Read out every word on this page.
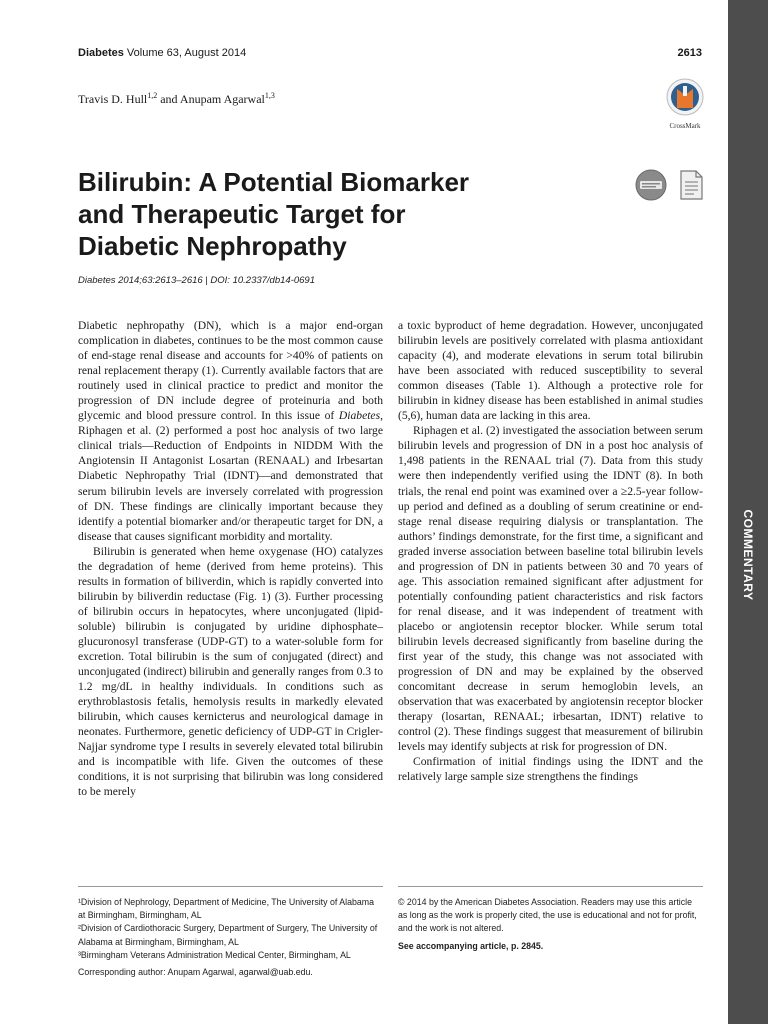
COMMENTARY
Diabetes Volume 63, August 2014	2613
Travis D. Hull$^{1,2}$ and Anupam Agarwal$^{1,3}$
CrossMark
Bilirubin: A Potential Biomarker
and Therapeutic Target for
Diabetic Nephropathy

Diabetes 2014;63:2613–2616 | DOI: 10.2337/db14-0691

Diabetic nephropathy (DN), which is a major end-organ complication in diabetes, continues to be the most common cause of end-stage renal disease and accounts for >40% of patients on renal replacement therapy (1). Currently available factors that are routinely used in clinical practice to predict and monitor the progression of DN include degree of proteinuria and both glycemic and blood pressure control. In this issue of Diabetes, Riphagen et al. (2) performed a post hoc analysis of two large clinical trials—Reduction of Endpoints in NIDDM With the Angiotensin II Antagonist Losartan (RENAAL) and Irbesartan Diabetic Nephropathy Trial (IDNT)—and demonstrated that serum bilirubin levels are inversely correlated with progression of DN. These findings are clinically important because they identify a potential biomarker and/or therapeutic target for DN, a disease that causes significant morbidity and mortality.

Bilirubin is generated when heme oxygenase (HO) catalyzes the degradation of heme (derived from heme proteins). This results in formation of biliverdin, which is rapidly converted into bilirubin by biliverdin reductase (Fig. 1) (3). Further processing of bilirubin occurs in hepatocytes, where unconjugated (lipid-soluble) bilirubin is conjugated by uridine diphosphate–glucuronosyl transferase (UDP-GT) to a water-soluble form for excretion. Total bilirubin is the sum of conjugated (direct) and unconjugated (indirect) bilirubin and generally ranges from 0.3 to 1.2 mg/dL in healthy individuals. In conditions such as erythroblastosis fetalis, hemolysis results in markedly elevated bilirubin, which causes kernicterus and neurological damage in neonates. Furthermore, genetic deficiency of UDP-GT in Crigler-Najjar syndrome type I results in severely elevated total bilirubin and is incompatible with life. Given the outcomes of these conditions, it is not surprising that bilirubin was long considered to be merely

a toxic byproduct of heme degradation. However, unconjugated bilirubin levels are positively correlated with plasma antioxidant capacity (4), and moderate elevations in serum total bilirubin have been associated with reduced susceptibility to several common diseases (Table 1). Although a protective role for bilirubin in kidney disease has been established in animal studies (5,6), human data are lacking in this area.

Riphagen et al. (2) investigated the association between serum bilirubin levels and progression of DN in a post hoc analysis of 1,498 patients in the RENAAL trial (7). Data from this study were then independently verified using the IDNT (8). In both trials, the renal end point was examined over a ≥2.5-year follow-up period and defined as a doubling of serum creatinine or end-stage renal disease requiring dialysis or transplantation. The authors’ findings demonstrate, for the first time, a significant and graded inverse association between baseline total bilirubin levels and progression of DN in patients between 30 and 70 years of age. This association remained significant after adjustment for potentially confounding patient characteristics and risk factors for renal disease, and it was independent of treatment with placebo or angiotensin receptor blocker. While serum total bilirubin levels decreased significantly from baseline during the first year of the study, this change was not associated with progression of DN and may be explained by the observed concomitant decrease in serum hemoglobin levels, an observation that was exacerbated by angiotensin receptor blocker therapy (losartan, RENAAL; irbesartan, IDNT) relative to control (2). These findings suggest that measurement of bilirubin levels may identify subjects at risk for progression of DN.

Confirmation of initial findings using the IDNT and the relatively large sample size strengthens the findings

¹Division of Nephrology, Department of Medicine, The University of Alabama at Birmingham, Birmingham, AL

²Division of Cardiothoracic Surgery, Department of Surgery, The University of Alabama at Birmingham, Birmingham, AL

³Birmingham Veterans Administration Medical Center, Birmingham, AL

Corresponding author: Anupam Agarwal, agarwal@uab.edu.

© 2014 by the American Diabetes Association. Readers may use this article as long as the work is properly cited, the use is educational and not for profit, and the work is not altered.

See accompanying article, p. 2845.
